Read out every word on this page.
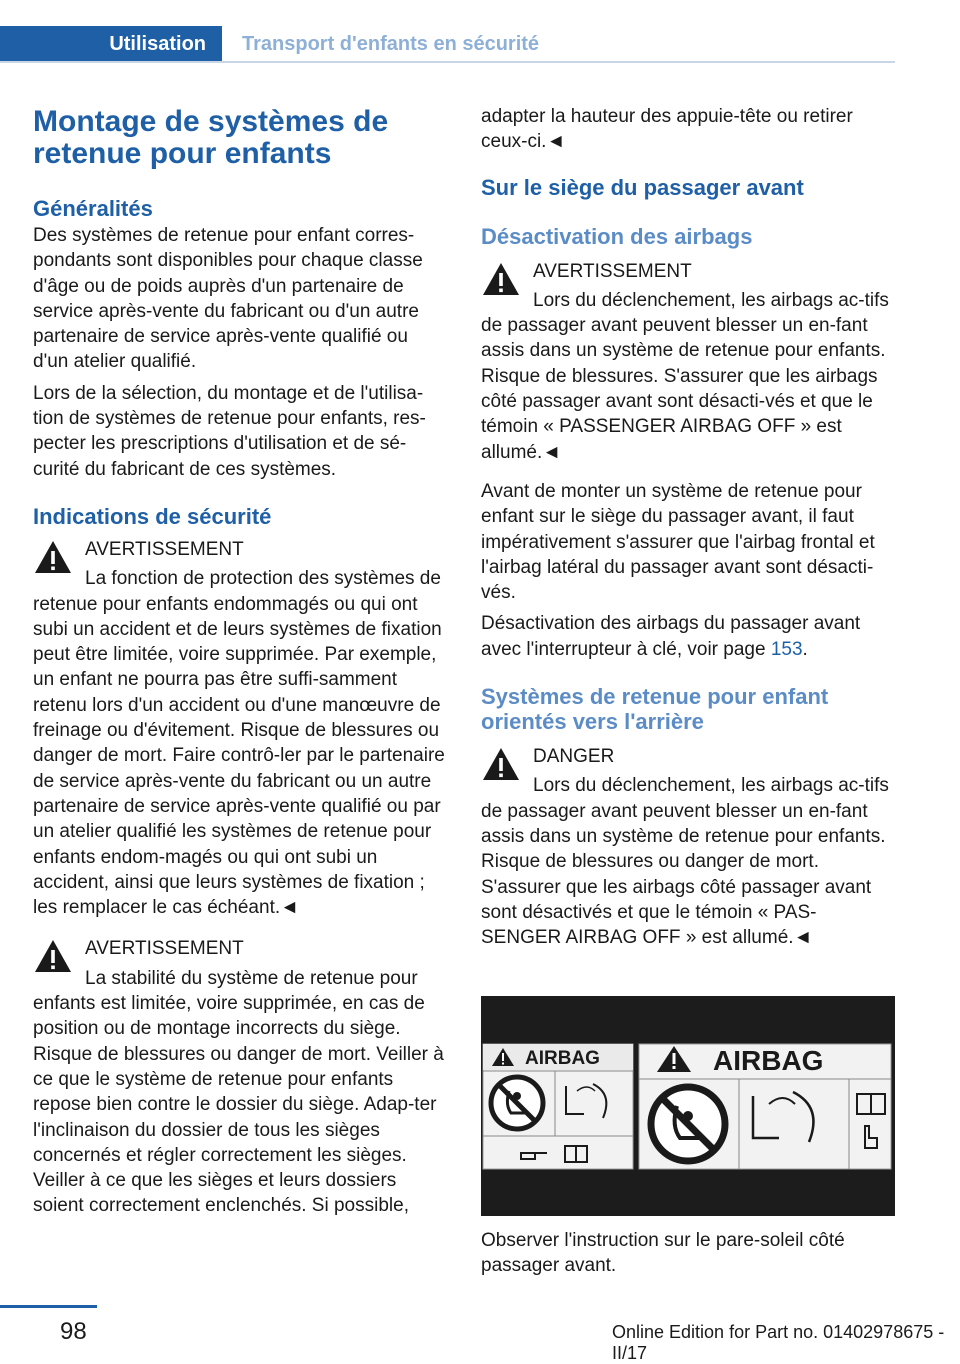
Utilisation	Transport d'enfants en sécurité
Montage de systèmes de retenue pour enfants
Généralités

Des systèmes de retenue pour enfant corres-pondants sont disponibles pour chaque classe d'âge ou de poids auprès d'un partenaire de service après-vente du fabricant ou d'un autre partenaire de service après-vente qualifié ou d'un atelier qualifié.

Lors de la sélection, du montage et de l'utilisa-tion de systèmes de retenue pour enfants, res-pecter les prescriptions d'utilisation et de sé-curité du fabricant de ces systèmes.

Indications de sécurité
AVERTISSEMENT

La fonction de protection des systèmes de retenue pour enfants endommagés ou qui ont subi un accident et de leurs systèmes de fixation peut être limitée, voire supprimée. Par exemple, un enfant ne pourra pas être suffi-samment retenu lors d'un accident ou d'une manœuvre de freinage ou d'évitement. Risque de blessures ou danger de mort. Faire contrô-ler par le partenaire de service après-vente du fabricant ou un autre partenaire de service après-vente qualifié ou par un atelier qualifié les systèmes de retenue pour enfants endom-magés ou qui ont subi un accident, ainsi que leurs systèmes de fixation ; les remplacer le cas échéant.◄

AVERTISSEMENT

La stabilité du système de retenue pour enfants est limitée, voire supprimée, en cas de position ou de montage incorrects du siège. Risque de blessures ou danger de mort. Veiller à ce que le système de retenue pour enfants repose bien contre le dossier du siège. Adap-ter l'inclinaison du dossier de tous les sièges concernés et régler correctement les sièges. Veiller à ce que les sièges et leurs dossiers soient correctement enclenchés. Si possible,

adapter la hauteur des appuie-tête ou retirer ceux-ci.◄

Sur le siège du passager avant
Désactivation des airbags
AVERTISSEMENT

Lors du déclenchement, les airbags ac-tifs de passager avant peuvent blesser un en-fant assis dans un système de retenue pour enfants. Risque de blessures. S'assurer que les airbags côté passager avant sont désacti-vés et que le témoin « PASSENGER AIRBAG OFF » est allumé.◄

Avant de monter un système de retenue pour enfant sur le siège du passager avant, il faut impérativement s'assurer que l'airbag frontal et l'airbag latéral du passager avant sont désacti-vés.

Désactivation des airbags du passager avant avec l'interrupteur à clé, voir page 153.

Systèmes de retenue pour enfant orientés vers l'arrière
DANGER

Lors du déclenchement, les airbags ac-tifs de passager avant peuvent blesser un en-fant assis dans un système de retenue pour enfants. Risque de blessures ou danger de mort. S'assurer que les airbags côté passager avant sont désactivés et que le témoin « PAS-SENGER AIRBAG OFF » est allumé.◄

AIRBAG	AIRBAG

Observer l'instruction sur le pare-soleil côté passager avant.

98	Online Edition for Part no. 01402978675 - II/17
